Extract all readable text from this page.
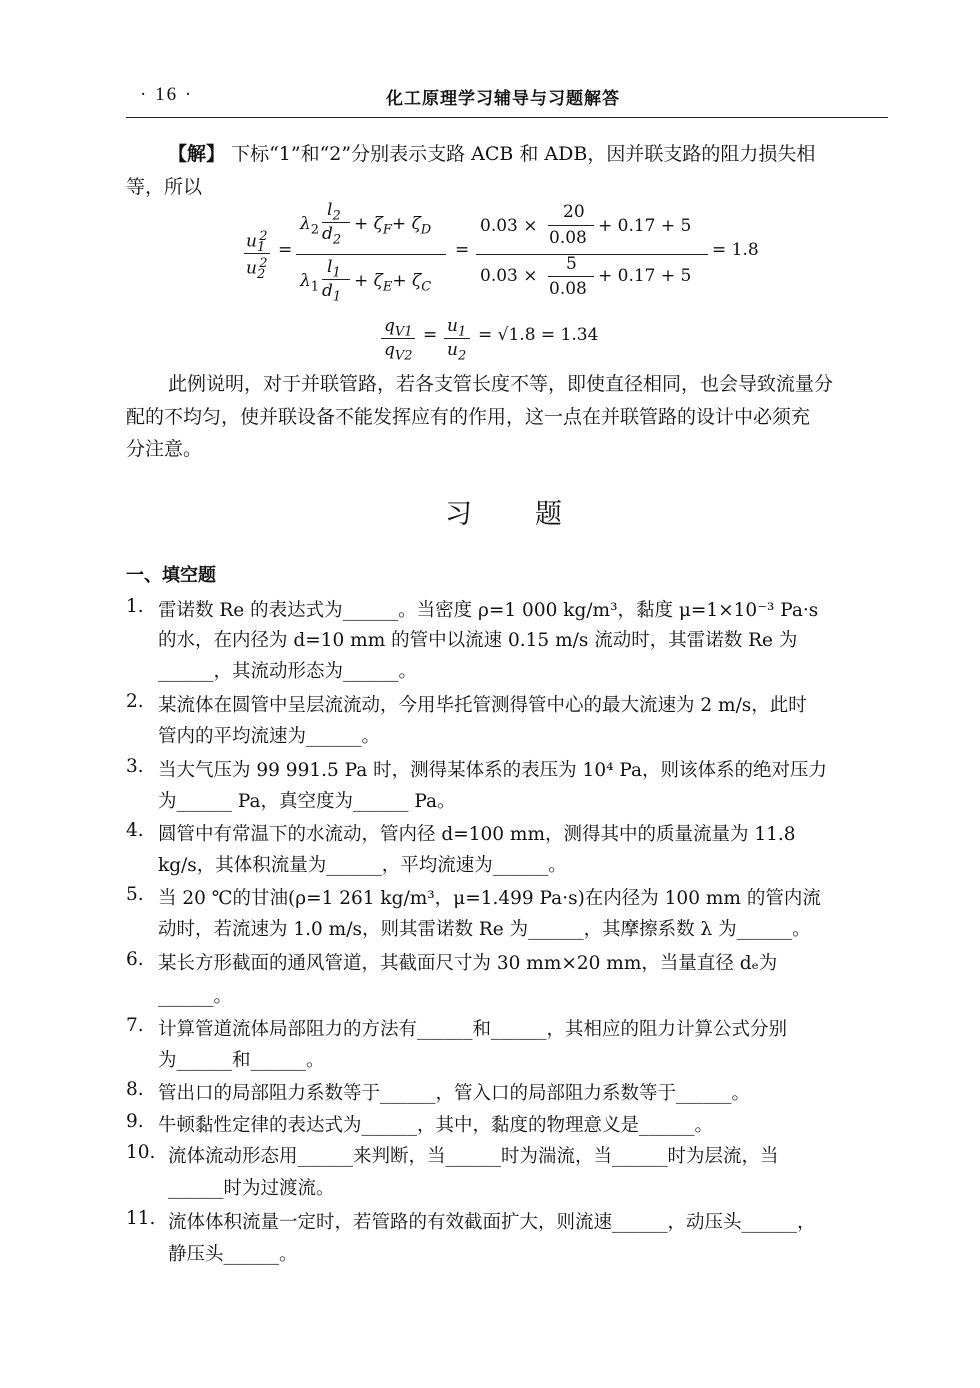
· 16 ·	化工原理学习辅导与习题解答
【解】 下标“1”和“2”分别表示支路 ACB 和 ADB，因并联支路的阻力损失相
等，所以
$u_1^2$
$u_2^2$
=
$\lambda_2$
$l_2$
$d_2$
+ $\zeta_F+ \zeta_D$
$\lambda_1$
$l_1$
$d_1$
+ $\zeta_E+ \zeta_C$
=
0.03 ×
20
0.08
+ 0.17 + 5
0.03 ×
5
0.08
+ 0.17 + 5
= 1.8
$q_{V1}$
$q_{V2}$
= $u_1$
$u_2$
= √1.8 = 1.34
此例说明，对于并联管路，若各支管长度不等，即使直径相同，也会导致流量分
配的不均匀，使并联设备不能发挥应有的作用，这一点在并联管路的设计中必须充
分注意。
习 题
一、填空题
1. 雷诺数 Re 的表达式为______。当密度 ρ=1 000 kg/m³，黏度 μ=1×10⁻³ Pa·s
的水，在内径为 d=10 mm 的管中以流速 0.15 m/s 流动时，其雷诺数 Re 为
______，其流动形态为______。
2. 某流体在圆管中呈层流流动，今用毕托管测得管中心的最大流速为 2 m/s，此时
管内的平均流速为______。
3. 当大气压为 99 991.5 Pa 时，测得某体系的表压为 10⁴ Pa，则该体系的绝对压力
为______ Pa，真空度为______ Pa。
4. 圆管中有常温下的水流动，管内径 d=100 mm，测得其中的质量流量为 11.8
kg/s，其体积流量为______，平均流速为______。
5. 当 20 ℃的甘油(ρ=1 261 kg/m³，μ=1.499 Pa·s)在内径为 100 mm 的管内流
动时，若流速为 1.0 m/s，则其雷诺数 Re 为______，其摩擦系数 λ 为______。
6. 某长方形截面的通风管道，其截面尺寸为 30 mm×20 mm，当量直径 dₑ为
______。
7. 计算管道流体局部阻力的方法有______和______，其相应的阻力计算公式分别
为______和______。
8. 管出口的局部阻力系数等于______，管入口的局部阻力系数等于______。
9. 牛顿黏性定律的表达式为______，其中，黏度的物理意义是______。
10. 流体流动形态用______来判断，当______时为湍流，当______时为层流，当
______时为过渡流。
11. 流体体积流量一定时，若管路的有效截面扩大，则流速______，动压头______，
静压头______。
